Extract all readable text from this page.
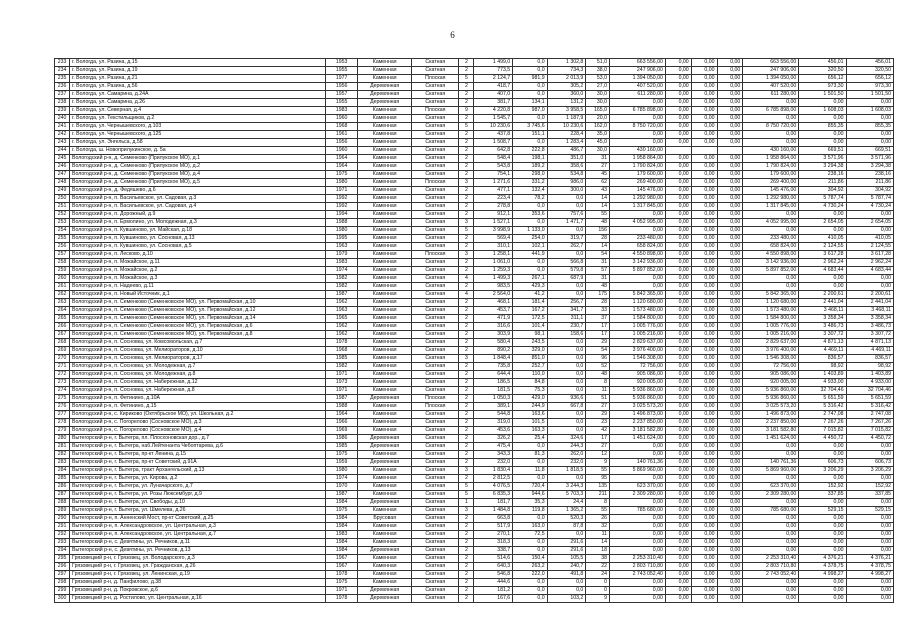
6
233	г. Вологда, ул. Разина, д.15	1953	Каменная	Скатная	2	1 499,0	0,0	1 302,8	51,0	663 556,00	0,00	0,00	0,00	663 556,00	456,01	456,01
234	г. Вологда, ул. Разина, д.19	1955	Каменная	Скатная	2	773,5	0,0	734,3	38,0	247 906,00	0,00	0,00	0,00	247 906,00	320,50	320,50
235	г. Вологда, ул. Разина, д.21	1977	Каменная	Плоская	5	2 124,7	981,9	2 013,9	53,0	1 394 050,00	0,00	0,00	0,00	1 394 050,00	656,12	656,12
236	г. Вологда, ул. Разина, д.56	1956	Деревянная	Скатная	2	418,7	0,0	305,2	27,0	407 520,00	0,00	0,00	0,00	407 520,00	973,30	973,30
237	г. Вологда, ул. Самарина, д.24А	1957	Деревянная	Скатная	2	407,0	0,0	360,0	30,0	611 280,00	0,00	0,00	0,00	611 280,00	1 501,50	1 501,50
238	г. Вологда, ул. Самарина, д.26	1955	Деревянная	Скатная	2	381,7	134,1	131,2	30,0	0,00	0,00	0,00	0,00	0,00	0,00	0,00
239	г. Вологда, ул. Северная, д.4	1983	Каменная	Плоская	9	4 220,8	987,0	3 958,5	165,0	6 785 898,00	0,00	0,00	0,00	6 785 898,00	1 608,03	1 608,03
240	г. Вологда, ул. Текстильщиков, д.2	1960	Каменная	Скатная	2	1 545,7	0,0	1 187,9	20,0	0,00	0,00	0,00	0,00	0,00	0,00	0,00
241	г. Вологда, ул. Чернышевского, д.103	1968	Каменная	Скатная	5	10 230,6	3 745,6	10 230,6	162,0	8 750 720,00	0,00	0,00	0,00	8 750 720,00	855,35	855,35
242	г. Вологда, ул. Чернышевского, д.125	1961	Каменная	Скатная	2	437,8	151,1	228,4	35,0	0,00	0,00	0,00	0,00	0,00	0,00	0,00
243	г. Вологда, ул. Энгельса, д.58	1956	Каменная	Скатная	2	1 508,7	0,0	1 283,4	45,0	0,00	0,00	0,00	0,00	0,00	0,00	0,00
244	г. Вологда, ш. Новоприлукинское, д. 5а	1960	Каменная	Скатная	2	642,8	222,8	486,7	30,0	430 160,00				430 160,00	669,51	669,51
245	Вологодский р-н, д. Семенково (Прилукское МО), д.1	1964	Каменная	Скатная	2	548,4	198,1	351,0	31	1 958 864,00	0,00	0,00	0,00	1 958 864,00	3 571,96	3 571,96
246	Вологодский р-н, д. Семенково (Прилукское МО), д.2	1964	Каменная	Скатная	2	543,8	189,2	358,6	27	1 790 824,00	0,00	0,00	0,00	1 790 824,00	3 294,38	3 294,38
247	Вологодский р-н, д. Семенково (Прилукское МО), д.4	1975	Каменная	Скатная	2	754,1	298,0	534,8	45	179 600,00	0,00	0,00	0,00	179 600,00	238,16	238,16
248	Вологодский р-н, д. Семенково (Прилукское МО), д.5	1980	Каменная	Плоская	3	1 271,6	331,2	986,0	62	269 400,00	0,00	0,00	0,00	269 400,00	211,86	211,86
249	Вологодский р-н, д. Федяшево, д.6	1971	Каменная	Скатная	2	477,1	132,4	300,0	43	145 476,00	0,00	0,00	0,00	145 476,00	304,92	304,92
250	Вологодский р-н, п. Васильевское, ул. Садовая, д.3	1992	Каменная	Скатная	2	223,4	78,2	0,0	14	1 292 980,00	0,00	0,00	0,00	1 292 980,00	5 787,74	5 787,74
251	Вологодский р-н, п. Васильевское, ул. Садовая, д.4	1992	Каменная	Скатная	2	278,8	0,0	0,0	14	1 317 845,00	0,00	0,00	0,00	1 317 845,00	4 730,24	4 730,24
252	Вологодский р-н, п. Дорожный, д.9	1994	Каменная	Скатная	2	912,1	353,6	757,6	55	0,00	0,00	0,00	0,00	0,00	0,00	0,00
253	Вологодский р-н, п. Ермолино, ул. Молодежная, д.3	1988	Каменная	Скатная	3	1 527,1	0,0	1 471,7	48	4 052 995,00	0,00	0,00	0,00	4 052 995,00	2 654,05	2 654,05
254	Вологодский р-н, п. Кувшиново, ул. Майская, д.18	1980	Каменная	Скатная	5	3 998,9	1 133,0	0,0	156	0,00	0,00	0,00	0,00	0,00	0,00	0,00
255	Вологодский р-н, п. Кувшиново, ул. Сосновая, д.13	1995	Каменная	Скатная	2	569,4	254,0	319,7	28	233 480,00	0,00	0,00	0,00	233 480,00	410,05	410,05
256	Вологодский р-н, п. Кувшиново, ул. Сосновая, д.5	1963	Каменная	Скатная	2	310,1	102,1	262,7	14	658 824,00	0,00	0,00	0,00	658 824,00	2 124,55	2 124,55
257	Вологодский р-н, п. Лесково, д.10	1979	Каменная	Плоская	3	1 258,1	441,9	0,0	54	4 550 898,00	0,00	0,00	0,00	4 550 898,00	3 617,28	3 617,28
258	Вологодский р-н, п. Можайское, д.11	1983	Каменная	Скатная	2	1 061,0	0,0	566,8	31	3 142 936,00	0,00	0,00	0,00	3 142 936,00	2 962,24	2 962,24
259	Вологодский р-н, п. Можайское, д.2	1974	Каменная	Скатная	2	1 259,3	0,0	579,8	57	5 897 852,00	0,00	0,00	0,00	5 897 852,00	4 683,44	4 683,44
260	Вологодский р-н, п. Можайское, д.3	1982	Каменная	Скатная	4	1 499,3	267,1	687,9	31	0,00	0,00	0,00	0,00	0,00	0,00	0,00
261	Вологодский р-н, п. Надеево, д.11	1982	Каменная	Скатная	2	983,5	429,3	0,0	48	0,00	0,00	0,00	0,00	0,00	0,00	0,00
262	Вологодский р-н, п. Новый Источник, д.1	1987	Каменная	Скатная	4	2 564,0	41,2	0,0	175	5 842 365,00	0,00	0,00	0,00	5 842 365,00	2 200,61	2 200,61
263	Вологодский р-н, п. Семенково (Семенковское МО), ул. Первомайская, д.10	1962	Каменная	Скатная	2	468,1	181,4	256,7	28	1 120 680,00	0,00	0,00	0,00	1 120 680,00	2 441,04	2 441,04
264	Вологодский р-н, п. Семенково (Семенковское МО), ул. Первомайская, д.12	1963	Каменная	Скатная	2	453,7	167,2	341,7	33	1 573 480,00	0,00	0,00	0,00	1 573 480,00	3 468,11	3 468,11
265	Вологодский р-н, п. Семенково (Семенковское МО), ул. Первомайская, д.14	1965	Каменная	Скатная	2	471,9	172,5	311,1	37	1 584 800,00	0,00	0,00	0,00	1 584 800,00	3 358,34	3 358,34
266	Вологодский р-н, п. Семенково (Семенковское МО), ул. Первомайская, д.6	1962	Каменная	Скатная	2	316,6	101,4	230,7	17	1 005 776,00	0,00	0,00	0,00	1 005 776,00	3 486,73	3 486,73
267	Вологодский р-н, п. Семенково (Семенковское МО), ул. Первомайская, д.8	1962	Каменная	Скатная	2	303,9	98,1	158,6	17	1 005 216,00	0,00	0,00	0,00	1 005 216,00	3 307,72	3 307,72
268	Вологодский р-н, п. Сосновка, ул. Комсомольская, д.7	1978	Каменная	Скатная	2	580,4	243,5	0,0	29	2 829 637,00	0,00	0,00	0,00	2 829 637,00	4 871,13	4 871,13
269	Вологодский р-н, п. Сосновка, ул. Мелиораторов, д.10	1968	Каменная	Скатная	2	890,2	329,0	0,0	54	3 976 400,00	0,00	0,00	0,00	3 976 400,00	4 469,11	4 469,11
270	Вологодский р-н, п. Сосновка, ул. Мелиораторов, д.17	1985	Каменная	Скатная	3	1 848,4	851,0	0,0	96	1 546 308,00	0,00	0,00	0,00	1 546 308,00	836,57	836,57
271	Вологодский р-н, п. Сосновка, ул. Молодежная, д.7	1982	Каменная	Скатная	2	735,8	252,7	0,0	52	72 756,00	0,00	0,00	0,00	72 756,00	98,92	98,92
272	Вологодский р-н, п. Сосновка, ул. Молодежная, д.8	1971	Каменная	Скатная	2	644,4	110,0	0,0	48	905 086,00	0,00	0,00	0,00	905 086,00	1 403,89	1 403,89
273	Вологодский р-н, п. Сосновка, ул. Набережная, д.12	1973	Каменная	Скатная	2	186,5	84,8	0,0	8	920 005,00	0,00	0,00	0,00	920 005,00	4 933,00	4 933,00
274	Вологодский р-н, п. Сосновка, ул. Набережная, д.8	1971	Каменная	Скатная	2	181,5	75,3	0,0	11	5 936 860,00	0,00	0,00	0,00	5 936 860,00	32 704,46	32 704,46
275	Вологодский р-н, п. Фетинино, д.10А	1987	Деревянная	Плоская	2	1 050,3	429,0	936,6	51	5 936 860,00	0,00	0,00	0,00	5 936 860,00	5 651,59	5 651,59
276	Вологодский р-н, п. Фетинино, д.15	1988	Каменная	Плоская	2	389,1	244,9	667,8	27	3 025 573,20	0,00	0,00	0,00	3 025 573,20	5 316,42	5 316,42
277	Вологодский р-н, с. Кириково (Октябрьское МО), ул. Школьная, д.2	1964	Каменная	Скатная	2	544,8	163,6	0,0	29	1 496 873,00	0,00	0,00	0,00	1 496 873,00	2 747,08	2 747,08
278	Вологодский р-н, с. Погорелово (Сосновское МО), д.3	1966	Каменная	Скатная	2	319,0	101,5	0,0	23	2 237 850,00	0,00	0,00	0,00	2 237 850,00	7 267,26	7 267,26
279	Вологодский р-н, с. Погорелово (Сосновское МО), д.4	1969	Каменная	Скатная	2	453,6	163,3	0,0	42	3 181 582,80	0,00	0,00	0,00	3 181 582,80	7 015,82	7 015,82
280	Вытегорский р-н, г. Вытегра, пл. Плосхоновская дор., д.7	1986	Деревянная	Скатная	2	326,2	25,4	324,6	17	1 451 624,00	0,00	0,00	0,00	1 451 624,00	4 450,72	4 450,72
281	Вытегорский р-н, г. Вытегра, наб.Лейтенанта Чебоптарева, д.6	1985	Деревянная	Скатная	2	475,4	0,0	244,3	27	0,00	0,00	0,00	0,00	0,00	0,00	0,00
282	Вытегорский р-н, г. Вытегра, пр-кт Ленина, д.15	1975	Каменная	Скатная	2	343,3	81,3	262,0	12	0,00	0,00	0,00	0,00	0,00	0,00	0,00
283	Вытегорский р-н, г. Вытегра, пр-кт Советский, д.91А	1959	Деревянная	Скатная	2	232,0	0,0	232,0	9	140 761,36	0,00	0,00	0,00	140 761,36	606,73	606,73
284	Вытегорский р-н, г. Вытегра, тракт Архангельский, д.13	1980	Каменная	Скатная	3	1 830,4	11,8	1 818,5	55	5 869 960,00	0,00	0,00	0,00	5 869 960,00	3 206,29	3 206,29
285	Вытегорский р-н, г. Вытегра, ул. Кирова, д.2	1974	Каменная	Скатная	2	2 812,5	0,0	0,0	95	0,00	0,00	0,00	0,00	0,00	0,00	0,00
286	Вытегорский р-н, г. Вытегра, ул. Луначарского, д.7	1970	Каменная	Скатная	5	4 076,5	720,4	3 244,3	135	623 370,00	0,00	0,00	0,00	623 370,00	152,92	152,92
287	Вытегорский р-н, г. Вытегра, ул. Розы Люксембург, д.9	1987	Каменная	Скатная	5	6 835,3	944,6	5 703,3	211	2 309 280,00	0,00	0,00	0,00	2 309 280,00	337,85	337,85
288	Вытегорский р-н, г. Вытегра, ул. Свободы, д.10	1984	Деревянная	Скатная	1	181,7	35,3	24,4	8	0,00	0,00	0,00	0,00	0,00	0,00	0,00
289	Вытегорский р-н, г. Вытегра, ул. Шмелева, д.26	1975	Каменная	Скатная	3	1 484,8	119,8	1 365,2	55	785 680,00	0,00	0,00	0,00	785 680,00	529,15	529,15
290	Вытегорский р-н, п. Анненский Мост, пр-кт Советский, д.25	1984	Брусовая	Скатная	2	663,8	0,0	520,3	26	0,00	0,00	0,00	0,00	0,00	0,00	0,00
291	Вытегорский р-н, п. Александровское, ул. Центральная, д.3	1984	Каменная	Скатная	2	517,9	163,0	87,8	32	0,00	0,00	0,00	0,00	0,00	0,00	0,00
292	Вытегорский р-н, п. Александровское, ул. Центральная, д.7	1983	Каменная	Скатная	2	270,1	72,5	0,0	11	0,00	0,00	0,00	0,00	0,00	0,00	0,00
293	Вытегорский р-н, с. Девятины, ул. Речников, д.11	1984	Каменная	Скатная	2	318,3	0,0	291,6	14	0,00	0,00	0,00	0,00	0,00	0,00	0,00
294	Вытегорский р-н, с. Девятины, ул. Речников, д.13	1984	Деревянная	Скатная	2	338,7	0,0	291,6	18	0,00	0,00	0,00	0,00	0,00	0,00	0,00
295	Грязовецкий р-н, г. Грязовец, ул. Володарского, д.3	1967	Каменная	Скатная	2	514,6	150,4	105,5	38	2 253 310,40	0,00	0,00	0,00	2 253 310,40	4 376,21	4 376,21
296	Грязовецкий р-н, г. Грязовец, ул. Гражданская, д.26	1967	Каменная	Скатная	2	640,3	263,2	240,7	22	2 803 710,80	0,00	0,00	0,00	2 803 710,80	4 378,75	4 378,75
297	Грязовецкий р-н, г. Грязовец, ул. Ленинская, д.19	1978	Каменная	Скатная	2	546,8	222,0	491,8	24	2 743 052,40	0,00	0,00	0,00	2 743 052,40	4 998,27	4 998,27
298	Грязовецкий р-н, д. Панфилово, д.38	1975	Каменная	Скатная	2	444,6	0,0	0,0	0	0,00	0,00	0,00	0,00	0,00	0,00	0,00
299	Грязовецкий р-н, д. Покровское, д.6	1971	Деревянная	Скатная	2	181,2	0,0	0,0	0	0,00	0,00	0,00	0,00	0,00	0,00	0,00
300	Грязовецкий р-н, д. Ростилово, ул. Центральная, д.16	1978	Деревянная	Скатная	2	167,6	0,0	103,2	9	0,00	0,00	0,00	0,00	0,00	0,00	0,00
